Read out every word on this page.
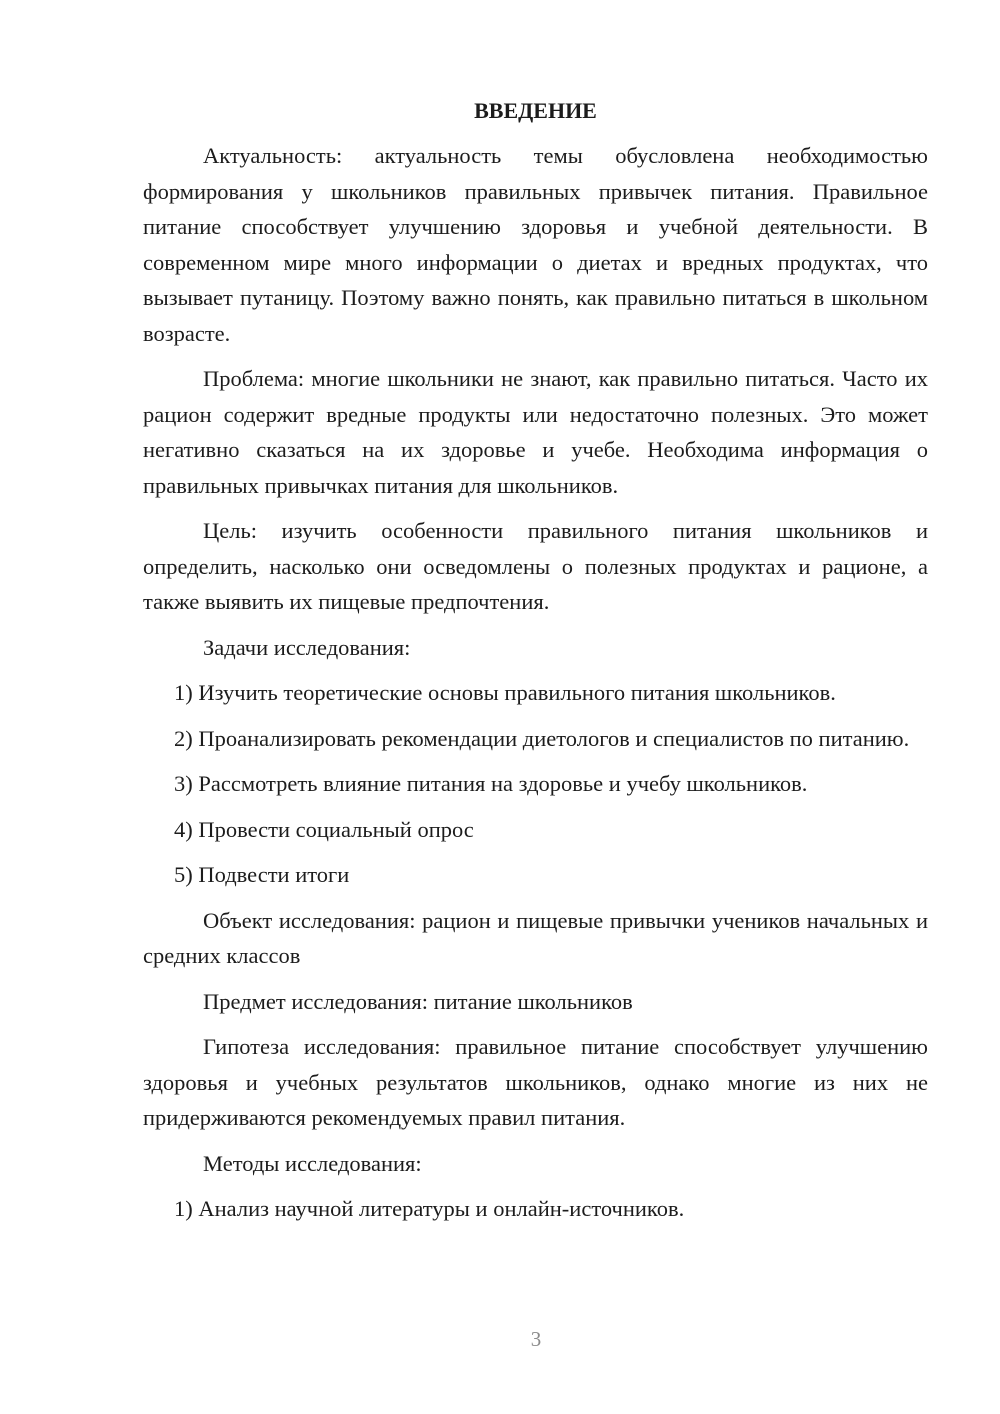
ВВЕДЕНИЕ
Актуальность: актуальность темы обусловлена необходимостью формирования у школьников правильных привычек питания. Правильное питание способствует улучшению здоровья и учебной деятельности. В современном мире много информации о диетах и вредных продуктах, что вызывает путаницу. Поэтому важно понять, как правильно питаться в школьном возрасте.
Проблема: многие школьники не знают, как правильно питаться. Часто их рацион содержит вредные продукты или недостаточно полезных. Это может негативно сказаться на их здоровье и учебе. Необходима информация о правильных привычках питания для школьников.
Цель: изучить особенности правильного питания школьников и определить, насколько они осведомлены о полезных продуктах и рационе, а также выявить их пищевые предпочтения.
Задачи исследования:
1) Изучить теоретические основы правильного питания школьников.
2) Проанализировать рекомендации диетологов и специалистов по питанию.
3) Рассмотреть влияние питания на здоровье и учебу школьников.
4) Провести социальный опрос
5) Подвести итоги
Объект исследования: рацион и пищевые привычки учеников начальных и средних классов
Предмет исследования: питание школьников
Гипотеза исследования: правильное питание способствует улучшению здоровья и учебных результатов школьников, однако многие из них не придерживаются рекомендуемых правил питания.
Методы исследования:
1) Анализ научной литературы и онлайн-источников.
3
